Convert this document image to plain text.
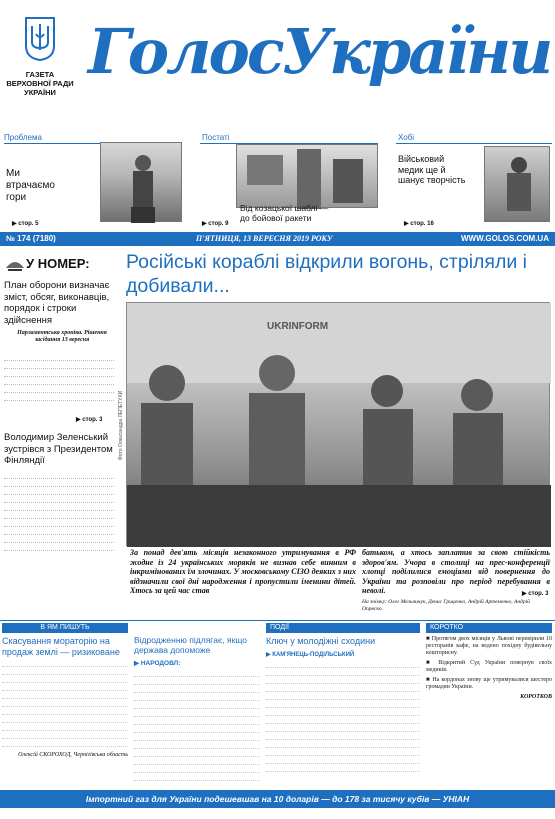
ГАЗЕТА
ВЕРХОВНОЇ РАДИ
УКРАЇНИ
ГолосУкраїни
Проблема
Ми втрачаємо гори
▶ стор. 5
Постаті
Від козацької шаблі — до бойової ракети
▶ стор. 9
Хобі
Військовий медик ще й шанує творчість
▶ стор. 16
№ 174 (7180)	П'ЯТНИЦЯ, 13 ВЕРЕСНЯ 2019 РОКУ	WWW.GOLOS.COM.UA
У НОМЕР:
План оборони визначає зміст, обсяг, виконавців, порядок і строки здійснення
Парламентська хроніка. Рішення засідання 13 вересня
▶ стор. 3
Володимир Зеленський зустрівся з Президентом Фінляндії
Російські кораблі відкрили вогонь, стріляли і добивали...
UKRINFORM
Фото Олександра ЛЕПЕТУХИ
За понад дев'ять місяців незаконного утримування в РФ жодне із 24 українських моряків не визнав себе винним в інкримінованих їм злочинах. У московському СІЗО деяких з них відзначили свої дні народження і пропустили іменини дітей. Хтось за цей час став
батьком, а хтось заплатив за свою стійкість здоров'ям. Учора в столиці на прес-конференції хлопці поділилися емоціями від повернення до України та розповіли про період перебування в неволі.	▶ стор. 3
На знімку: Олег Мельничук, Денис Гриценко, Андрій Артеменко, Андрій Опряско.
В ЯМ ПИШУТЬ
Скасування мораторію на продаж землі — ризиковане
Олексій СКОРОХОД, Чернігівська область
Відродженню підлягає, якщо держава допоможе
▶ НАРОДОВЛ:
ПОДІЇ
Ключ у молодіжні сходини
▶ КАМ'ЯНЕЦЬ-ПОДІЛЬСЬКИЙ
КОРОТКО
■ Протягом двох місяців у Львові перевірили 10 ресторанів кафе, на ведено похідну будівельну кошторисну.
■ Відкритий Суд України повернув своїх медиків.
■ На кордонах знову ще утримувалися шестеро громадян України.
КОРОТКОВ
Імпортний газ для України подешевшав на 10 доларів — до 178 за тисячу кубів — УНІАН
